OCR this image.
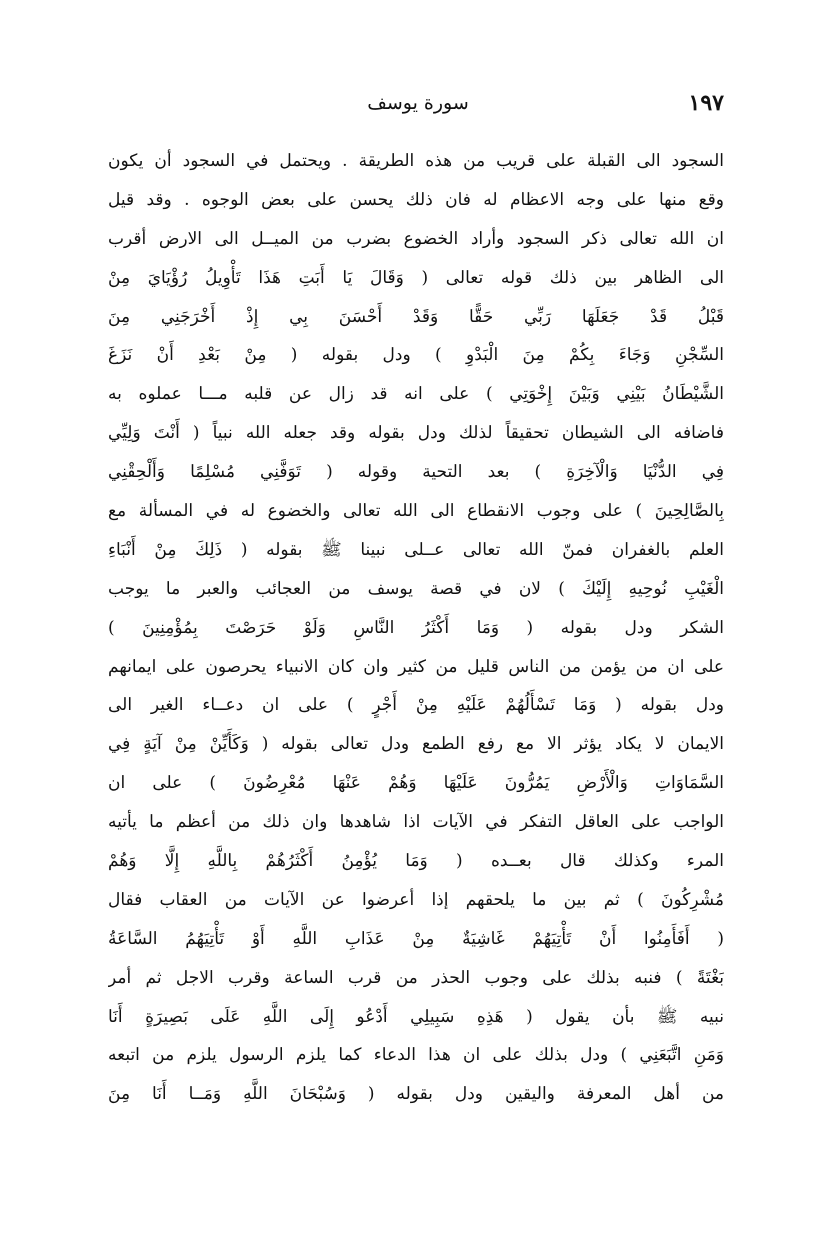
١٩٧
سورة يوسف
السجود الى القبلة على قريب من هذه الطريقة . ويحتمل في السجود أن يكون
وقع منها على وجه الاعظام له فان ذلك يحسن على بعض الوجوه . وقد قيل
ان الله تعالى ذكر السجود وأراد الخضوع بضرب من الميــل الى الارض أقرب
الى الظاهر بين ذلك قوله تعالى ( وَقَالَ يَا أَبَتِ هَذَا تَأْوِيلُ رُؤْيَايَ مِنْ
قَبْلُ قَدْ جَعَلَهَا رَبِّي حَقًّا وَقَدْ أَحْسَنَ بِي إِذْ أَخْرَجَنِي مِنَ
السِّجْنِ وَجَاءَ بِكُمْ مِنَ الْبَدْوِ ) ودل بقوله ( مِنْ بَعْدِ أَنْ نَزَغَ
الشَّيْطَانُ بَيْنِي وَبَيْنَ إِخْوَتِي ) على انه قد زال عن قلبه مـــا عملوه به
فاضافه الى الشيطان تحقيقاً لذلك ودل بقوله وقد جعله الله نبياً ( أَنْتَ وَلِيِّي
فِي الدُّنْيَا وَالْآخِرَةِ ) بعد التحية وقوله ( تَوَفَّنِي مُسْلِمًا وَأَلْحِقْنِي
بِالصَّالِحِينَ ) على وجوب الانقطاع الى الله تعالى والخضوع له في المسألة مع
العلم بالغفران فمنّ الله تعالى عــلى نبينا ﷺ بقوله ( ذَلِكَ مِنْ أَنْبَاءِ
الْغَيْبِ نُوحِيهِ إِلَيْكَ ) لان في قصة يوسف من العجائب والعبر ما يوجب
الشكر ودل بقوله ( وَمَا أَكْثَرُ النَّاسِ وَلَوْ حَرَصْتَ بِمُؤْمِنِينَ )
على ان من يؤمن من الناس قليل من كثير وان كان الانبياء يحرصون على ايمانهم
ودل بقوله ( وَمَا تَسْأَلُهُمْ عَلَيْهِ مِنْ أَجْرٍ ) على ان دعــاء الغير الى
الايمان لا يكاد يؤثر الا مع رفع الطمع ودل تعالى بقوله ( وَكَأَيِّنْ مِنْ آيَةٍ فِي
السَّمَاوَاتِ وَالْأَرْضِ يَمُرُّونَ عَلَيْهَا وَهُمْ عَنْهَا مُعْرِضُونَ ) على ان
الواجب على العاقل التفكر في الآيات اذا شاهدها وان ذلك من أعظم ما يأتيه
المرء وكذلك قال بعــده ( وَمَا يُؤْمِنُ أَكْثَرُهُمْ بِاللَّهِ إِلَّا وَهُمْ
مُشْرِكُونَ ) ثم بين ما يلحقهم إذا أعرضوا عن الآيات من العقاب فقال
( أَفَأَمِنُوا أَنْ تَأْتِيَهُمْ غَاشِيَةٌ مِنْ عَذَابِ اللَّهِ أَوْ تَأْتِيَهُمُ السَّاعَةُ
بَغْتَةً ) فنبه بذلك على وجوب الحذر من قرب الساعة وقرب الاجل ثم أمر
نبيه ﷺ بأن يقول ( هَذِهِ سَبِيلِي أَدْعُو إِلَى اللَّهِ عَلَى بَصِيرَةٍ أَنَا
وَمَنِ اتَّبَعَنِي ) ودل بذلك على ان هذا الدعاء كما يلزم الرسول يلزم من اتبعه
من أهل المعرفة واليقين ودل بقوله ( وَسُبْحَانَ اللَّهِ وَمَــا أَنَا مِنَ
